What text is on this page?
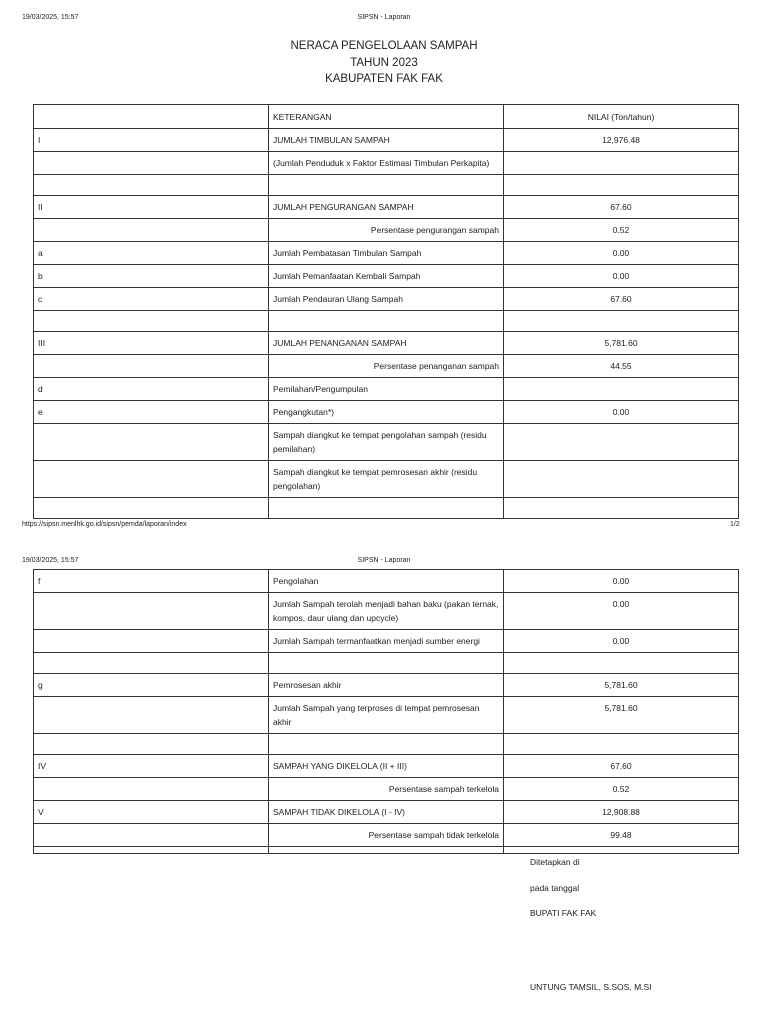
19/03/2025, 15:57	SIPSN - Laporan
NERACA PENGELOLAAN SAMPAH
TAHUN 2023
KABUPATEN FAK FAK
	KETERANGAN	NILAI (Ton/tahun)
I	JUMLAH TIMBULAN SAMPAH	12,976.48
	(Jumlah Penduduk x Faktor Estimasi Timbulan Perkapita)	

II	JUMLAH PENGURANGAN SAMPAH	67.60
	Persentase pengurangan sampah	0.52
a	Jumlah Pembatasan Timbulan Sampah	0.00
b	Jumlah Pemanfaatan Kembali Sampah	0.00
c	Jumlah Pendauran Ulang Sampah	67.60

III	JUMLAH PENANGANAN SAMPAH	5,781.60
	Persentase penanganan sampah	44.55
d	Pemilahan/Pengumpulan	
e	Pengangkutan*)	0.00
	Sampah diangkut ke tempat pengolahan sampah (residu pemilahan)	
	Sampah diangkut ke tempat pemrosesan akhir (residu pengolahan)	

https://sipsn.menlhk.go.id/sipsn/pemda/laporan/index	1/2
19/03/2025, 15:57	SIPSN - Laporan
f	Pengolahan	0.00
	Jumlah Sampah terolah menjadi bahan baku (pakan ternak, kompos, daur ulang dan upcycle)	0.00
	Jumlah Sampah termanfaatkan menjadi sumber energi	0.00

g	Pemrosesan akhir	5,781.60
	Jumlah Sampah yang terproses di tempat pemrosesan akhir	5,781.60

IV	SAMPAH YANG DIKELOLA (II + III)	67.60
	Persentase sampah terkelola	0.52
V	SAMPAH TIDAK DIKELOLA (I - IV)	12,908.88
	Persentase sampah tidak terkelola	99.48

Ditetapkan di
pada tanggal
BUPATI FAK FAK
UNTUNG TAMSIL, S.SOS, M.SI
